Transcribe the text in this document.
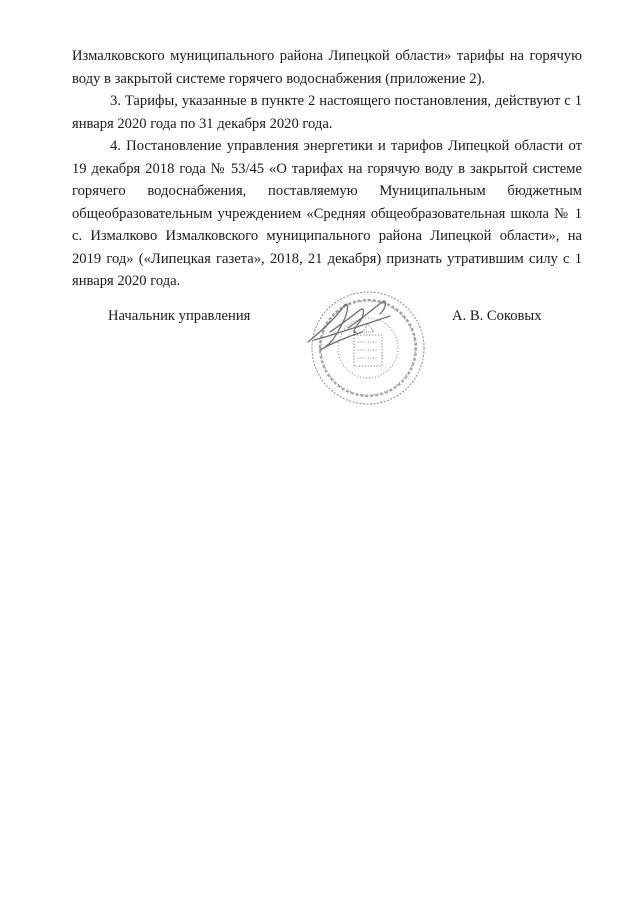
Измалковского муниципального района Липецкой области» тарифы на горячую воду в закрытой системе горячего водоснабжения (приложение 2).

3. Тарифы, указанные в пункте 2 настоящего постановления, действуют с 1 января 2020 года по 31 декабря 2020 года.

4. Постановление управления энергетики и тарифов Липецкой области от 19 декабря 2018 года № 53/45 «О тарифах на горячую воду в закрытой системе горячего водоснабжения, поставляемую Муниципальным бюджетным общеобразовательным учреждением «Средняя общеобразовательная школа № 1 с. Измалково Измалковского муниципального района Липецкой области», на 2019 год» («Липецкая газета», 2018, 21 декабря) признать утратившим силу с 1 января 2020 года.

Начальник управления	А. В. Соковых
